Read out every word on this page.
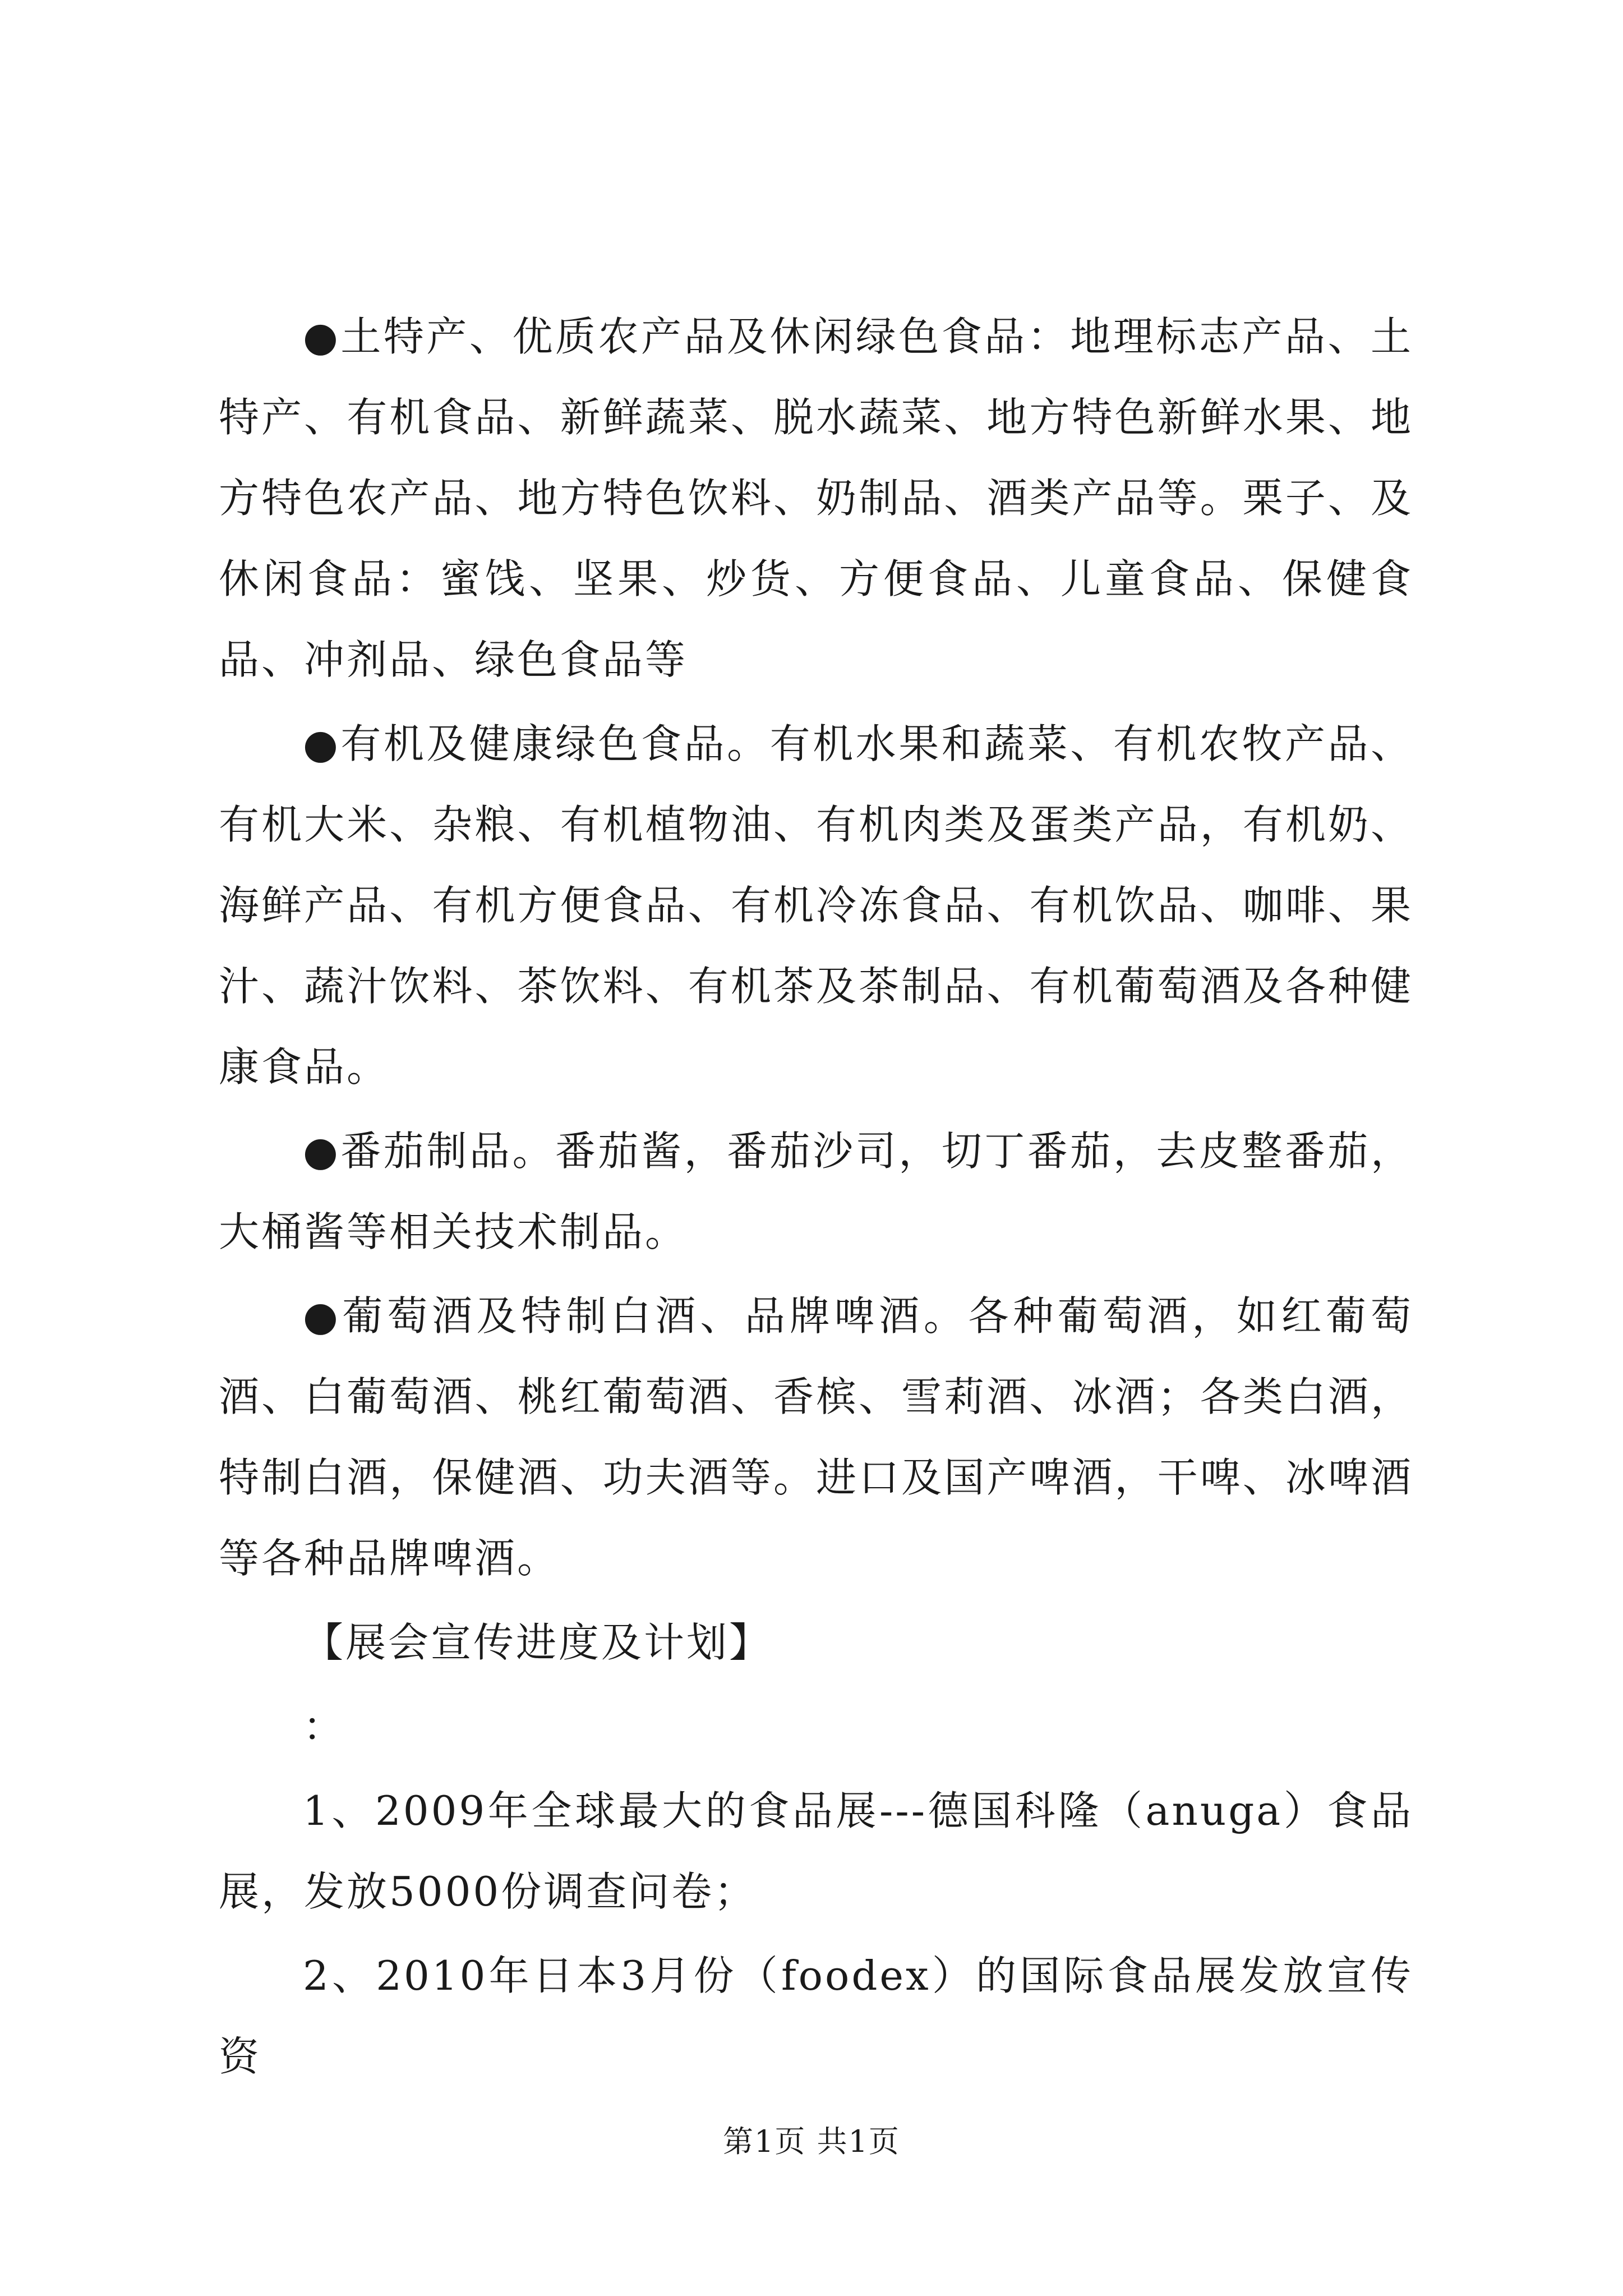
●土特产、优质农产品及休闲绿色食品：地理标志产品、土特产、有机食品、新鲜蔬菜、脱水蔬菜、地方特色新鲜水果、地方特色农产品、地方特色饮料、奶制品、酒类产品等。栗子、及休闲食品：蜜饯、坚果、炒货、方便食品、儿童食品、保健食品、冲剂品、绿色食品等

●有机及健康绿色食品。有机水果和蔬菜、有机农牧产品、有机大米、杂粮、有机植物油、有机肉类及蛋类产品，有机奶、海鲜产品、有机方便食品、有机冷冻食品、有机饮品、咖啡、果汁、蔬汁饮料、茶饮料、有机茶及茶制品、有机葡萄酒及各种健康食品。

●番茄制品。番茄酱，番茄沙司，切丁番茄，去皮整番茄，大桶酱等相关技术制品。

●葡萄酒及特制白酒、品牌啤酒。各种葡萄酒，如红葡萄酒、白葡萄酒、桃红葡萄酒、香槟、雪莉酒、冰酒；各类白酒，特制白酒，保健酒、功夫酒等。进口及国产啤酒，干啤、冰啤酒等各种品牌啤酒。

【展会宣传进度及计划】

：

1、2009年全球最大的食品展---德国科隆（anuga）食品展，发放5000份调查问卷；

2、2010年日本3月份（foodex）的国际食品展发放宣传资

第1页 共1页
